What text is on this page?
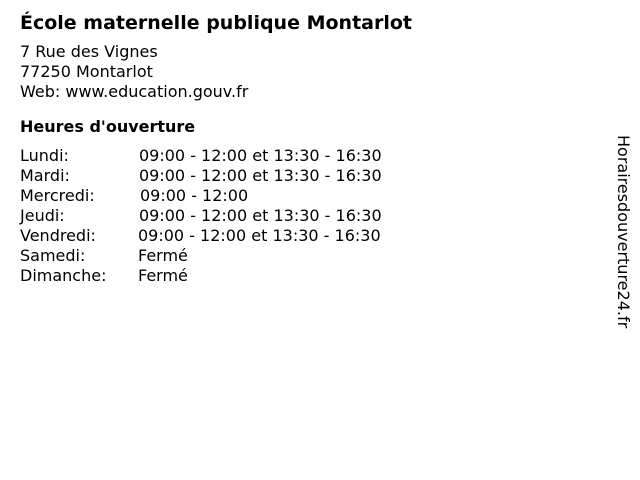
École maternelle publique Montarlot
7 Rue des Vignes
77250 Montarlot
Web: www.education.gouv.fr
Heures d'ouverture
Lundi:	09:00 - 12:00 et 13:30 - 16:30
Mardi:	09:00 - 12:00 et 13:30 - 16:30
Mercredi:	09:00 - 12:00
Jeudi:	09:00 - 12:00 et 13:30 - 16:30
Vendredi:	09:00 - 12:00 et 13:30 - 16:30
Samedi:	Fermé
Dimanche:	Fermé	Horairesdouverture24.fr
